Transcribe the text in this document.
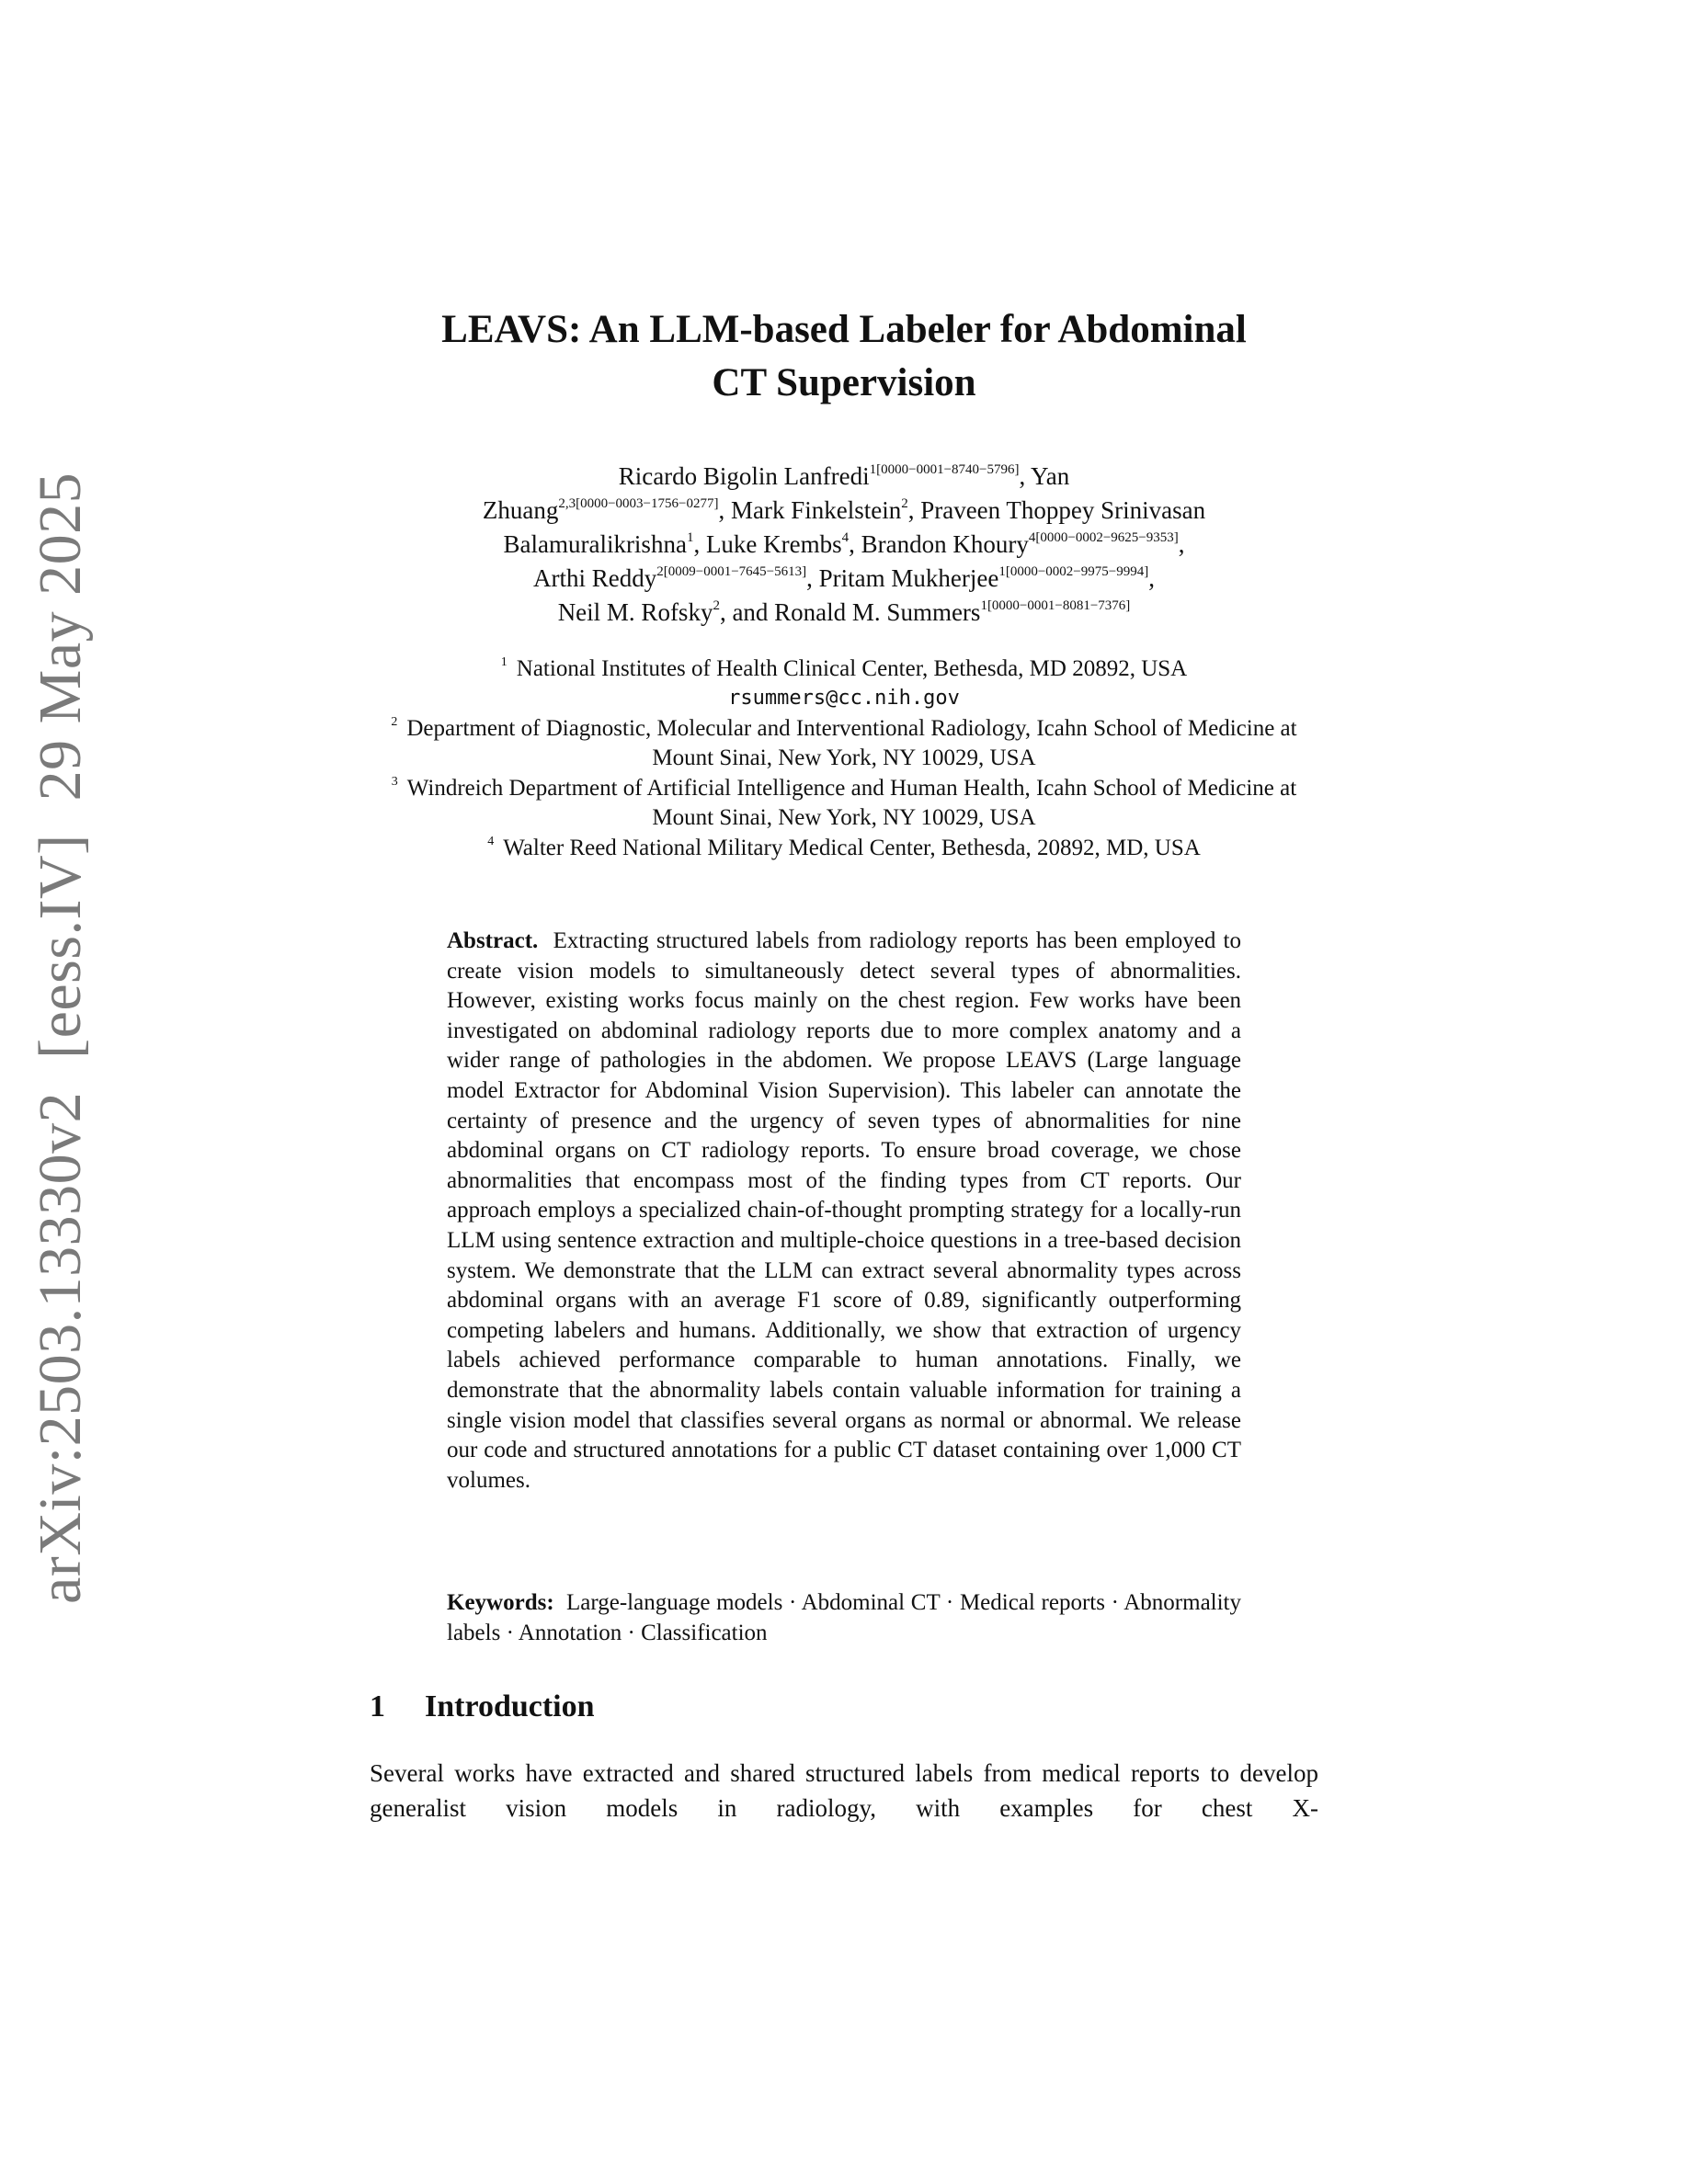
arXiv:2503.13330v2[eess.IV]29 May 2025
LEAVS: An LLM-based Labeler for Abdominal
CT Supervision
Ricardo Bigolin Lanfredi$^{1[0000-0001-8740-5796]}$, Yan
Zhuang$^{2,3[0000-0003-1756-0277]}$, Mark Finkelstein$^2$, Praveen Thoppey Srinivasan
Balamuralikrishna$^1$, Luke Krembs$^4$, Brandon Khoury$^{4[0000-0002-9625-9353]}$,
Arthi Reddy$^{2[0009-0001-7645-5613]}$, Pritam Mukherjee$^{1[0000-0002-9975-9994]}$,
Neil M. Rofsky$^2$, and Ronald M. Summers$^{1[0000-0001-8081-7376]}$
$^1$ National Institutes of Health Clinical Center, Bethesda, MD 20892, USA
rsummers@cc.nih.gov
$^2$ Department of Diagnostic, Molecular and Interventional Radiology, Icahn School of Medicine at Mount Sinai, New York, NY 10029, USA
$^3$ Windreich Department of Artificial Intelligence and Human Health, Icahn School of Medicine at Mount Sinai, New York, NY 10029, USA
$^4$ Walter Reed National Military Medical Center, Bethesda, 20892, MD, USA
Abstract. Extracting structured labels from radiology reports has been employed to create vision models to simultaneously detect several types of abnormalities. However, existing works focus mainly on the chest region. Few works have been investigated on abdominal radiology reports due to more complex anatomy and a wider range of pathologies in the abdomen. We propose LEAVS (Large language model Extractor for Abdominal Vision Supervision). This labeler can annotate the certainty of presence and the urgency of seven types of abnormalities for nine abdominal organs on CT radiology reports. To ensure broad coverage, we chose abnormalities that encompass most of the finding types from CT reports. Our approach employs a specialized chain-of-thought prompting strategy for a locally-run LLM using sentence extraction and multiple-choice questions in a tree-based decision system. We demonstrate that the LLM can extract several abnormality types across abdominal organs with an average F1 score of 0.89, significantly outperforming competing labelers and humans. Additionally, we show that extraction of urgency labels achieved performance comparable to human annotations. Finally, we demonstrate that the abnormality labels contain valuable information for training a single vision model that classifies several organs as normal or abnormal. We release our code and structured annotations for a public CT dataset containing over 1,000 CT volumes.
Keywords: Large-language models · Abdominal CT · Medical reports · Abnormality labels · Annotation · Classification
1 Introduction
Several works have extracted and shared structured labels from medical reports to develop generalist vision models in radiology, with examples for chest X-
